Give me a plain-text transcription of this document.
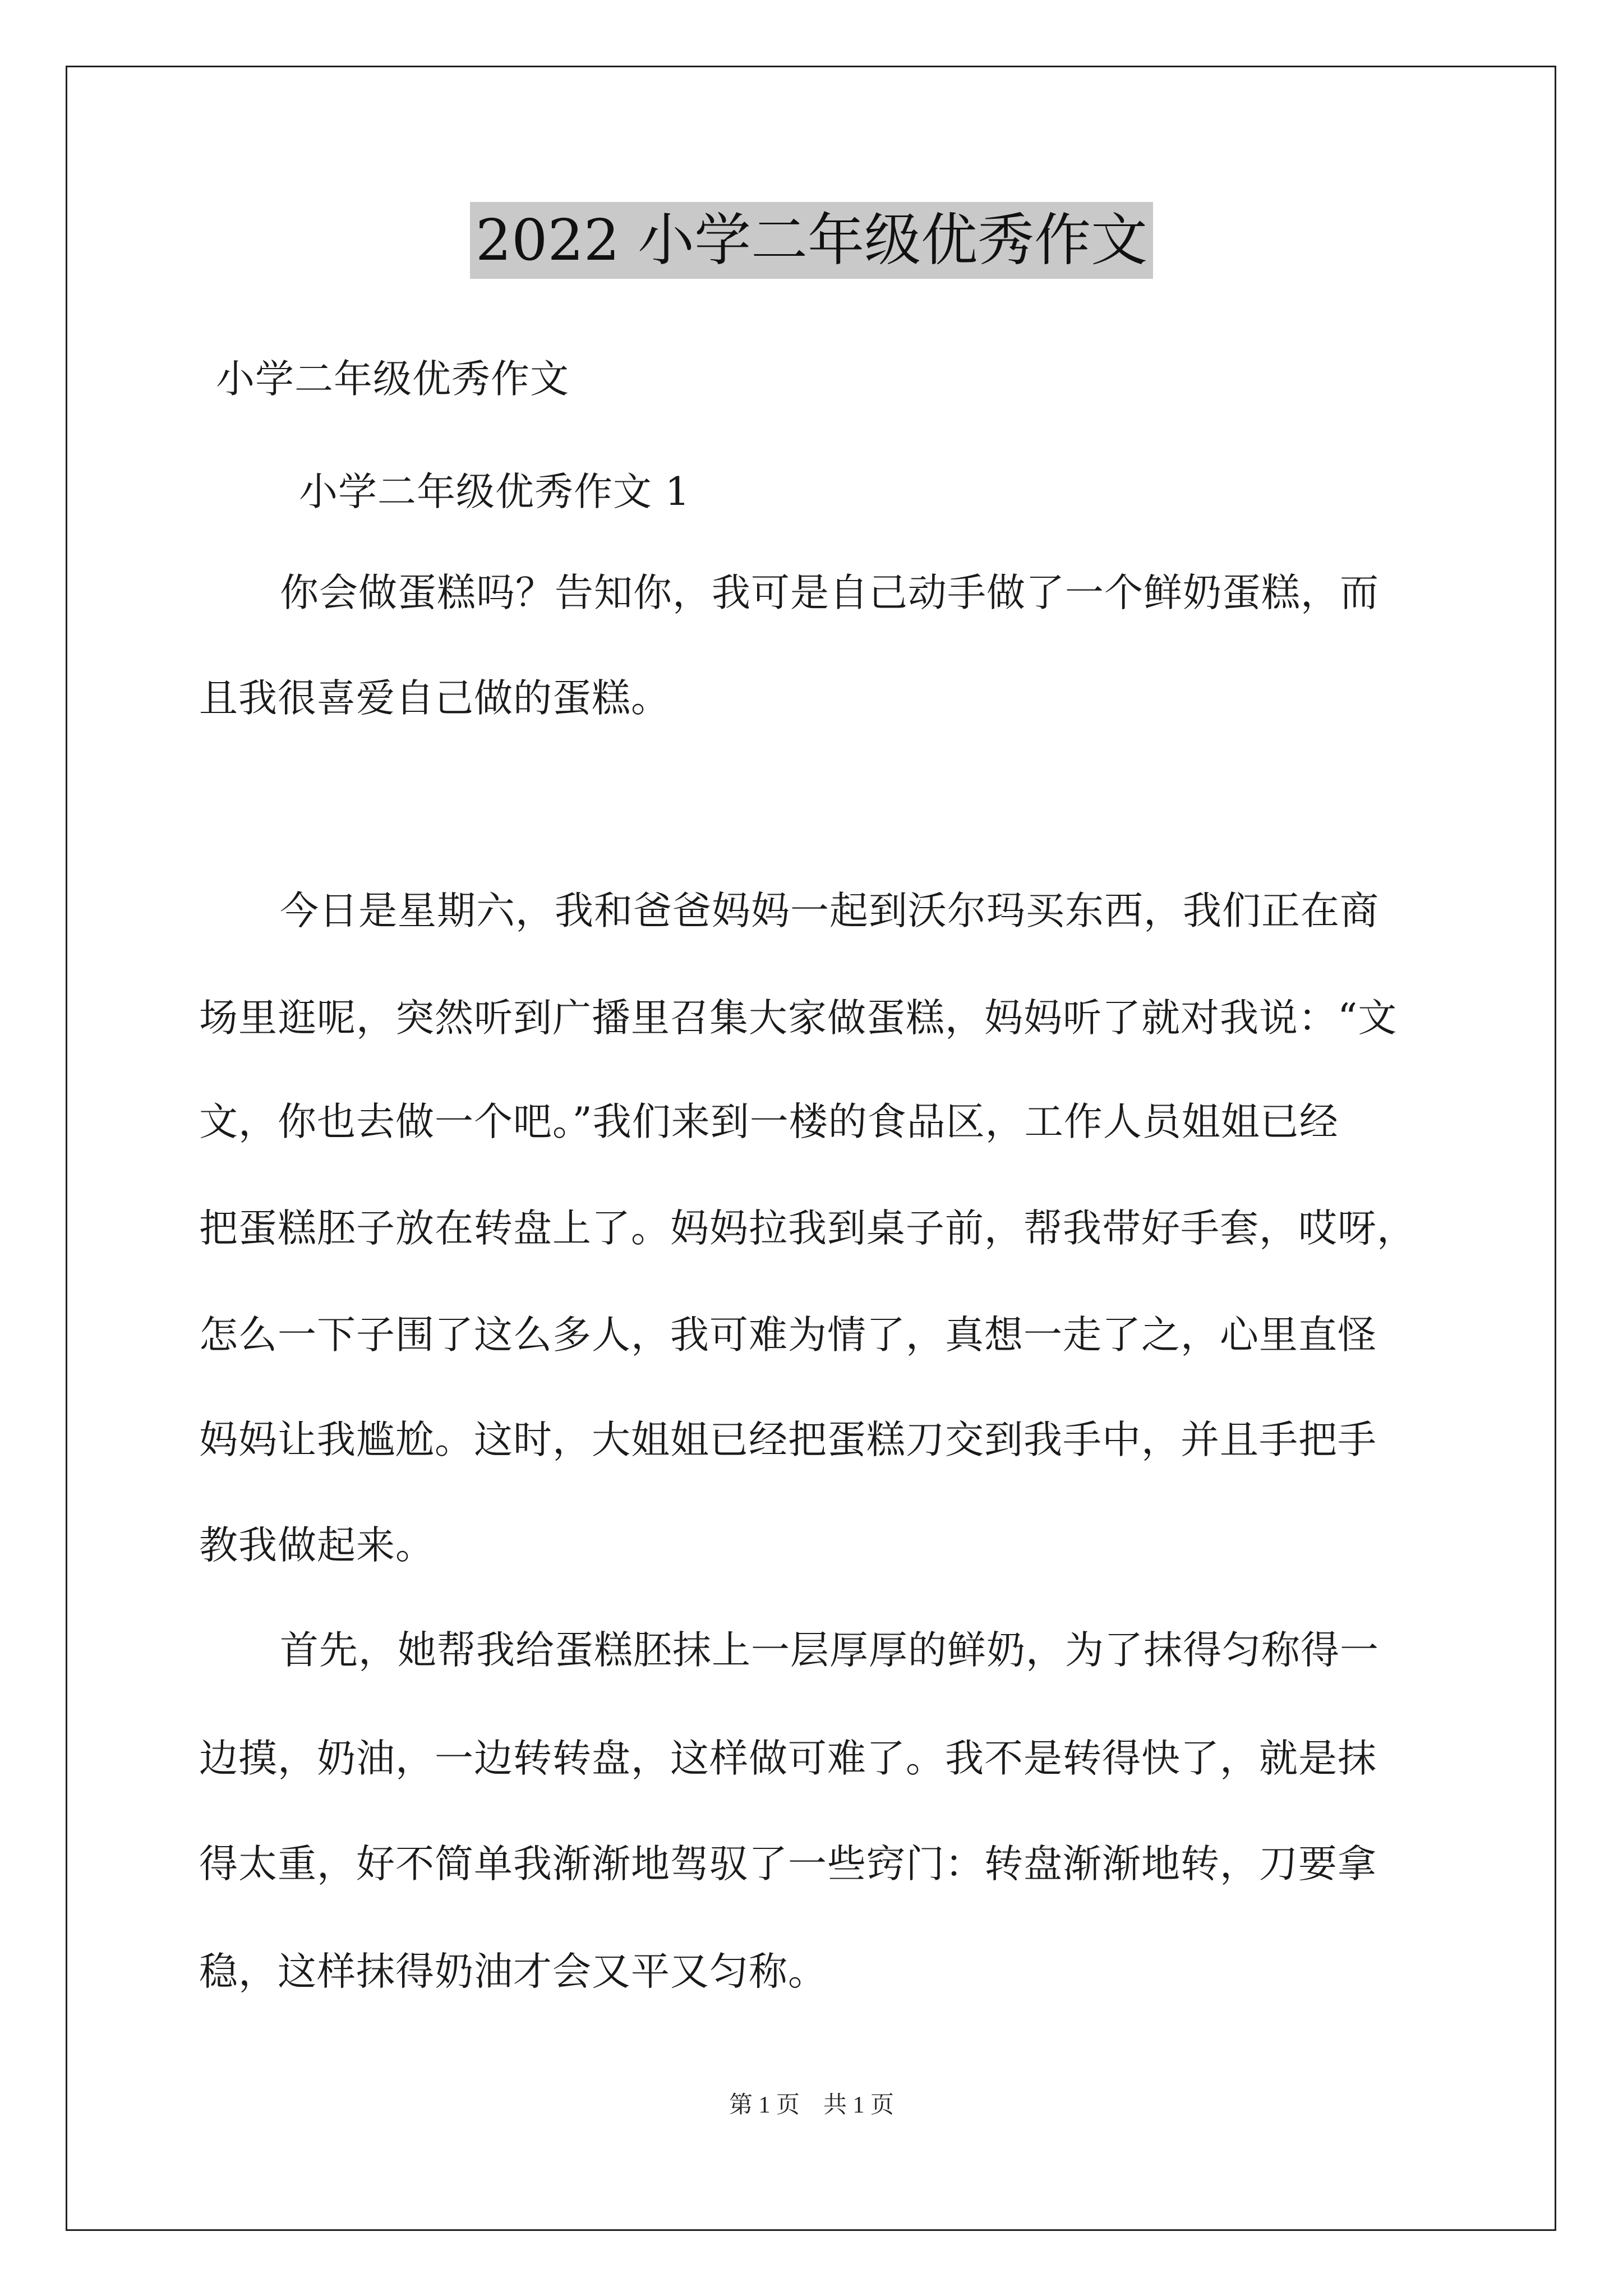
2022 小学二年级优秀作文

小学二年级优秀作文

小学二年级优秀作文 1

你会做蛋糕吗？告知你，我可是自己动手做了一个鲜奶蛋糕，而

且我很喜爱自己做的蛋糕。

今日是星期六，我和爸爸妈妈一起到沃尔玛买东西，我们正在商

场里逛呢，突然听到广播里召集大家做蛋糕，妈妈听了就对我说：“文

文，你也去做一个吧。”我们来到一楼的食品区，工作人员姐姐已经

把蛋糕胚子放在转盘上了。妈妈拉我到桌子前，帮我带好手套，哎呀，

怎么一下子围了这么多人，我可难为情了，真想一走了之，心里直怪

妈妈让我尴尬。这时，大姐姐已经把蛋糕刀交到我手中，并且手把手

教我做起来。

首先，她帮我给蛋糕胚抹上一层厚厚的鲜奶，为了抹得匀称得一

边摸，奶油，一边转转盘，这样做可难了。我不是转得快了，就是抹

得太重，好不简单我渐渐地驾驭了一些窍门：转盘渐渐地转，刀要拿

稳，这样抹得奶油才会又平又匀称。

第 1 页    共 1 页
